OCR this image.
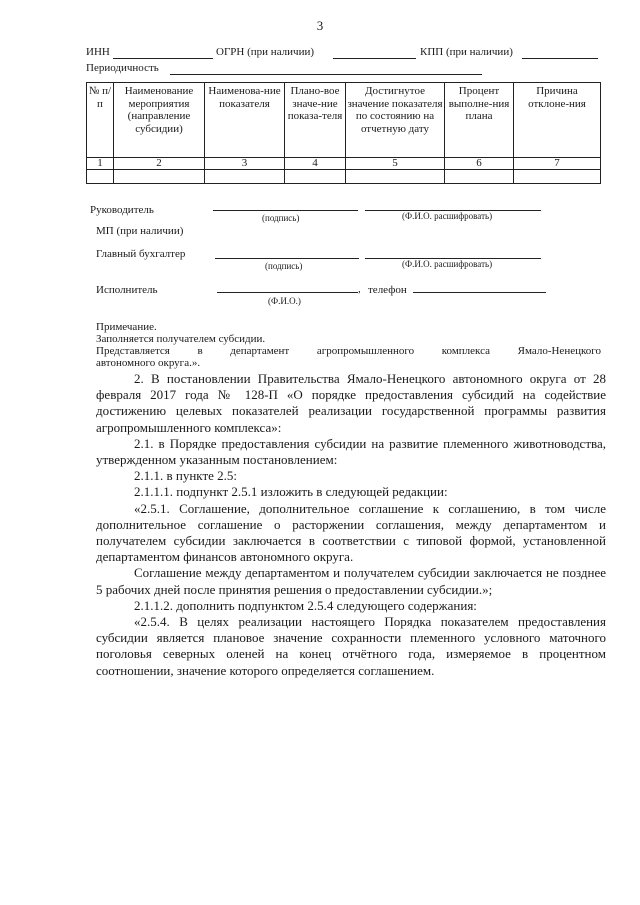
3
ИНН	ОГРН (при наличии)	КПП (при наличии)
Периодичность
№ п/п	Наименование мероприятия (направление субсидии)	Наименова-ние показателя	Плано-вое значе-ние показа-теля	Достигнутое значение показателя по состоянию на отчетную дату	Процент выполне-ния плана	Причина отклоне-ния
1	2	3	4	5	6	7

Руководитель
(подпись)	(Ф.И.О. расшифровать)
МП (при наличии)
Главный бухгалтер
(подпись)	(Ф.И.О. расшифровать)
Исполнитель	, телефон
(Ф.И.О.)
Примечание.
Заполняется получателем субсидии.
Представляется в департамент агропромышленного комплекса Ямало-Ненецкого
автономного округа.».

2. В постановлении Правительства Ямало-Ненецкого автономного округа от 28 февраля 2017 года № 128-П «О порядке предоставления субсидий на содействие достижению целевых показателей реализации государственной программы развития агропромышленного комплекса»:

2.1. в Порядке предоставления субсидии на развитие племенного животноводства, утвержденном указанным постановлением:

2.1.1. в пункте 2.5:

2.1.1.1. подпункт 2.5.1 изложить в следующей редакции:

«2.5.1. Соглашение, дополнительное соглашение к соглашению, в том числе дополнительное соглашение о расторжении соглашения, между департаментом и получателем субсидии заключается в соответствии с типовой формой, установленной департаментом финансов автономного округа.

Соглашение между департаментом и получателем субсидии заключается не позднее 5 рабочих дней после принятия решения о предоставлении субсидии.»;

2.1.1.2. дополнить подпунктом 2.5.4 следующего содержания:

«2.5.4. В целях реализации настоящего Порядка показателем предоставления субсидии является плановое значение сохранности племенного условного маточного поголовья северных оленей на конец отчётного года, измеряемое в процентном соотношении, значение которого определяется соглашением.
